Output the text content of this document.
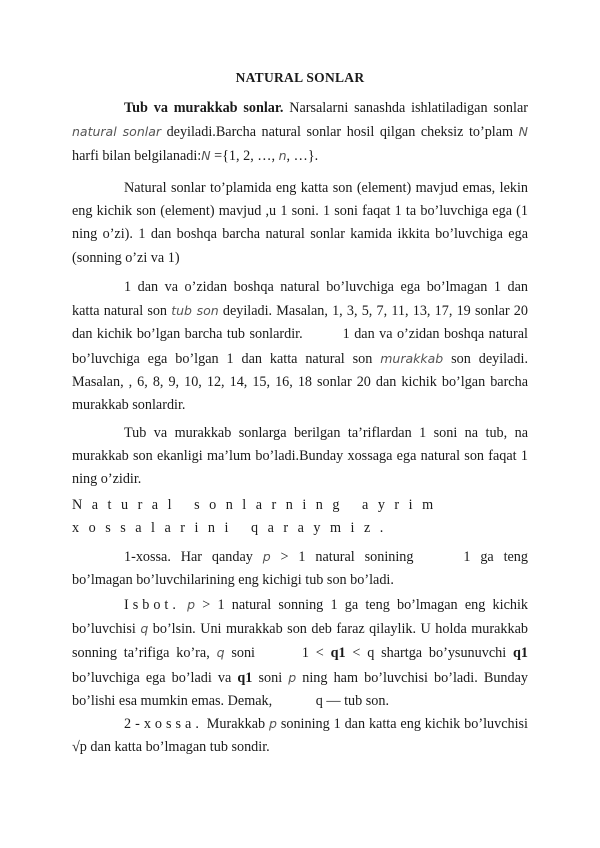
NATURAL SONLAR
Tub va murakkab sonlar. Narsalarni sanashda ishlatiladigan sonlar natural sonlar deyiladi.Barcha natural sonlar hosil qilgan cheksiz to’plam N harfi bilan belgilanadi:N ={1, 2, …, n, …}.
Natural sonlar to’plamida eng katta son (element) mavjud emas, lekin eng kichik son (element) mavjud ,u 1 soni. 1 soni faqat 1 ta bo’luvchiga ega (1 ning o’zi). 1 dan boshqa barcha natural sonlar kamida ikkita bo’luvchiga ega (sonning o’zi va 1)
1 dan va o’zidan boshqa natural bo’luvchiga ega bo’lmagan 1 dan katta natural son tub son deyiladi. Masalan, 1, 3, 5, 7, 11, 13, 17, 19 sonlar 20 dan kichik bo’lgan barcha tub sonlardir.	1 dan va o’zidan boshqa natural bo’luvchiga ega bo’lgan 1 dan katta natural son murakkab son deyiladi. Masalan, , 6, 8, 9, 10, 12, 14, 15, 16, 18 sonlar 20 dan kichik bo’lgan barcha murakkab sonlardir.
Tub va murakkab sonlarga berilgan ta’riflardan 1 soni na tub, na murakkab son ekanligi ma’lum bo’ladi.Bunday xossaga ega natural son faqat 1 ning o’zidir.
Natural sonlarning ayrim xossalarini qaraymiz.
1-xossa. Har qanday p > 1 natural sonining	1 ga teng bo’lmagan bo’luvchilarining eng kichigi tub son bo’ladi.
Isbot. p > 1 natural sonning 1 ga teng bo’lmagan eng kichik bo’luvchisi q bo’lsin. Uni murakkab son deb faraz qilaylik. U holda murakkab sonning ta’rifiga ko’ra, q soni	1 < q1 < q shartga bo’ysunuvchi q1 bo’luvchiga ega bo’ladi va q1 soni p ning ham bo’luvchisi bo’ladi. Bunday bo’lishi esa mumkin emas. Demak,	q — tub son.
2-xossa. Murakkab p sonining 1 dan katta eng kichik bo’luvchisi √p dan katta bo’lmagan tub sondir.
